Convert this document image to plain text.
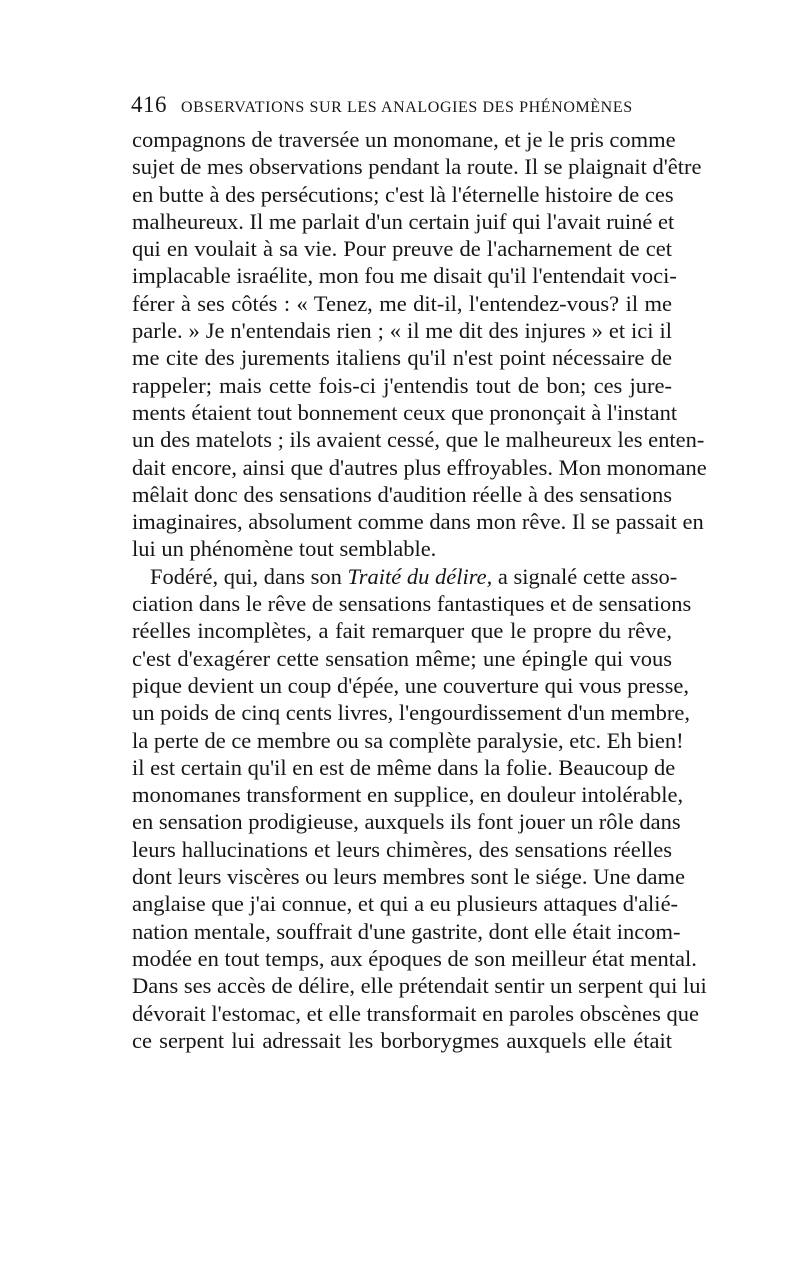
416 OBSERVATIONS SUR LES ANALOGIES DES PHÉNOMÈNES
compagnons de traversée un monomane, et je le pris comme
sujet de mes observations pendant la route. Il se plaignait d'être
en butte à des persécutions; c'est là l'éternelle histoire de ces
malheureux. Il me parlait d'un certain juif qui l'avait ruiné et
qui en voulait à sa vie. Pour preuve de l'acharnement de cet
implacable israélite, mon fou me disait qu'il l'entendait voci-
férer à ses côtés : « Tenez, me dit-il, l'entendez-vous? il me
parle. » Je n'entendais rien ; « il me dit des injures » et ici il
me cite des jurements italiens qu'il n'est point nécessaire de
rappeler; mais cette fois-ci j'entendis tout de bon; ces jure-
ments étaient tout bonnement ceux que prononçait à l'instant
un des matelots ; ils avaient cessé, que le malheureux les enten-
dait encore, ainsi que d'autres plus effroyables. Mon monomane
mêlait donc des sensations d'audition réelle à des sensations
imaginaires, absolument comme dans mon rêve. Il se passait en
lui un phénomène tout semblable.
Fodéré, qui, dans son Traité du délire, a signalé cette asso-
ciation dans le rêve de sensations fantastiques et de sensations
réelles incomplètes, a fait remarquer que le propre du rêve,
c'est d'exagérer cette sensation même; une épingle qui vous
pique devient un coup d'épée, une couverture qui vous presse,
un poids de cinq cents livres, l'engourdissement d'un membre,
la perte de ce membre ou sa complète paralysie, etc. Eh bien!
il est certain qu'il en est de même dans la folie. Beaucoup de
monomanes transforment en supplice, en douleur intolérable,
en sensation prodigieuse, auxquels ils font jouer un rôle dans
leurs hallucinations et leurs chimères, des sensations réelles
dont leurs viscères ou leurs membres sont le siége. Une dame
anglaise que j'ai connue, et qui a eu plusieurs attaques d'alié-
nation mentale, souffrait d'une gastrite, dont elle était incom-
modée en tout temps, aux époques de son meilleur état mental.
Dans ses accès de délire, elle prétendait sentir un serpent qui lui
dévorait l'estomac, et elle transformait en paroles obscènes que
ce serpent lui adressait les borborygmes auxquels elle était
